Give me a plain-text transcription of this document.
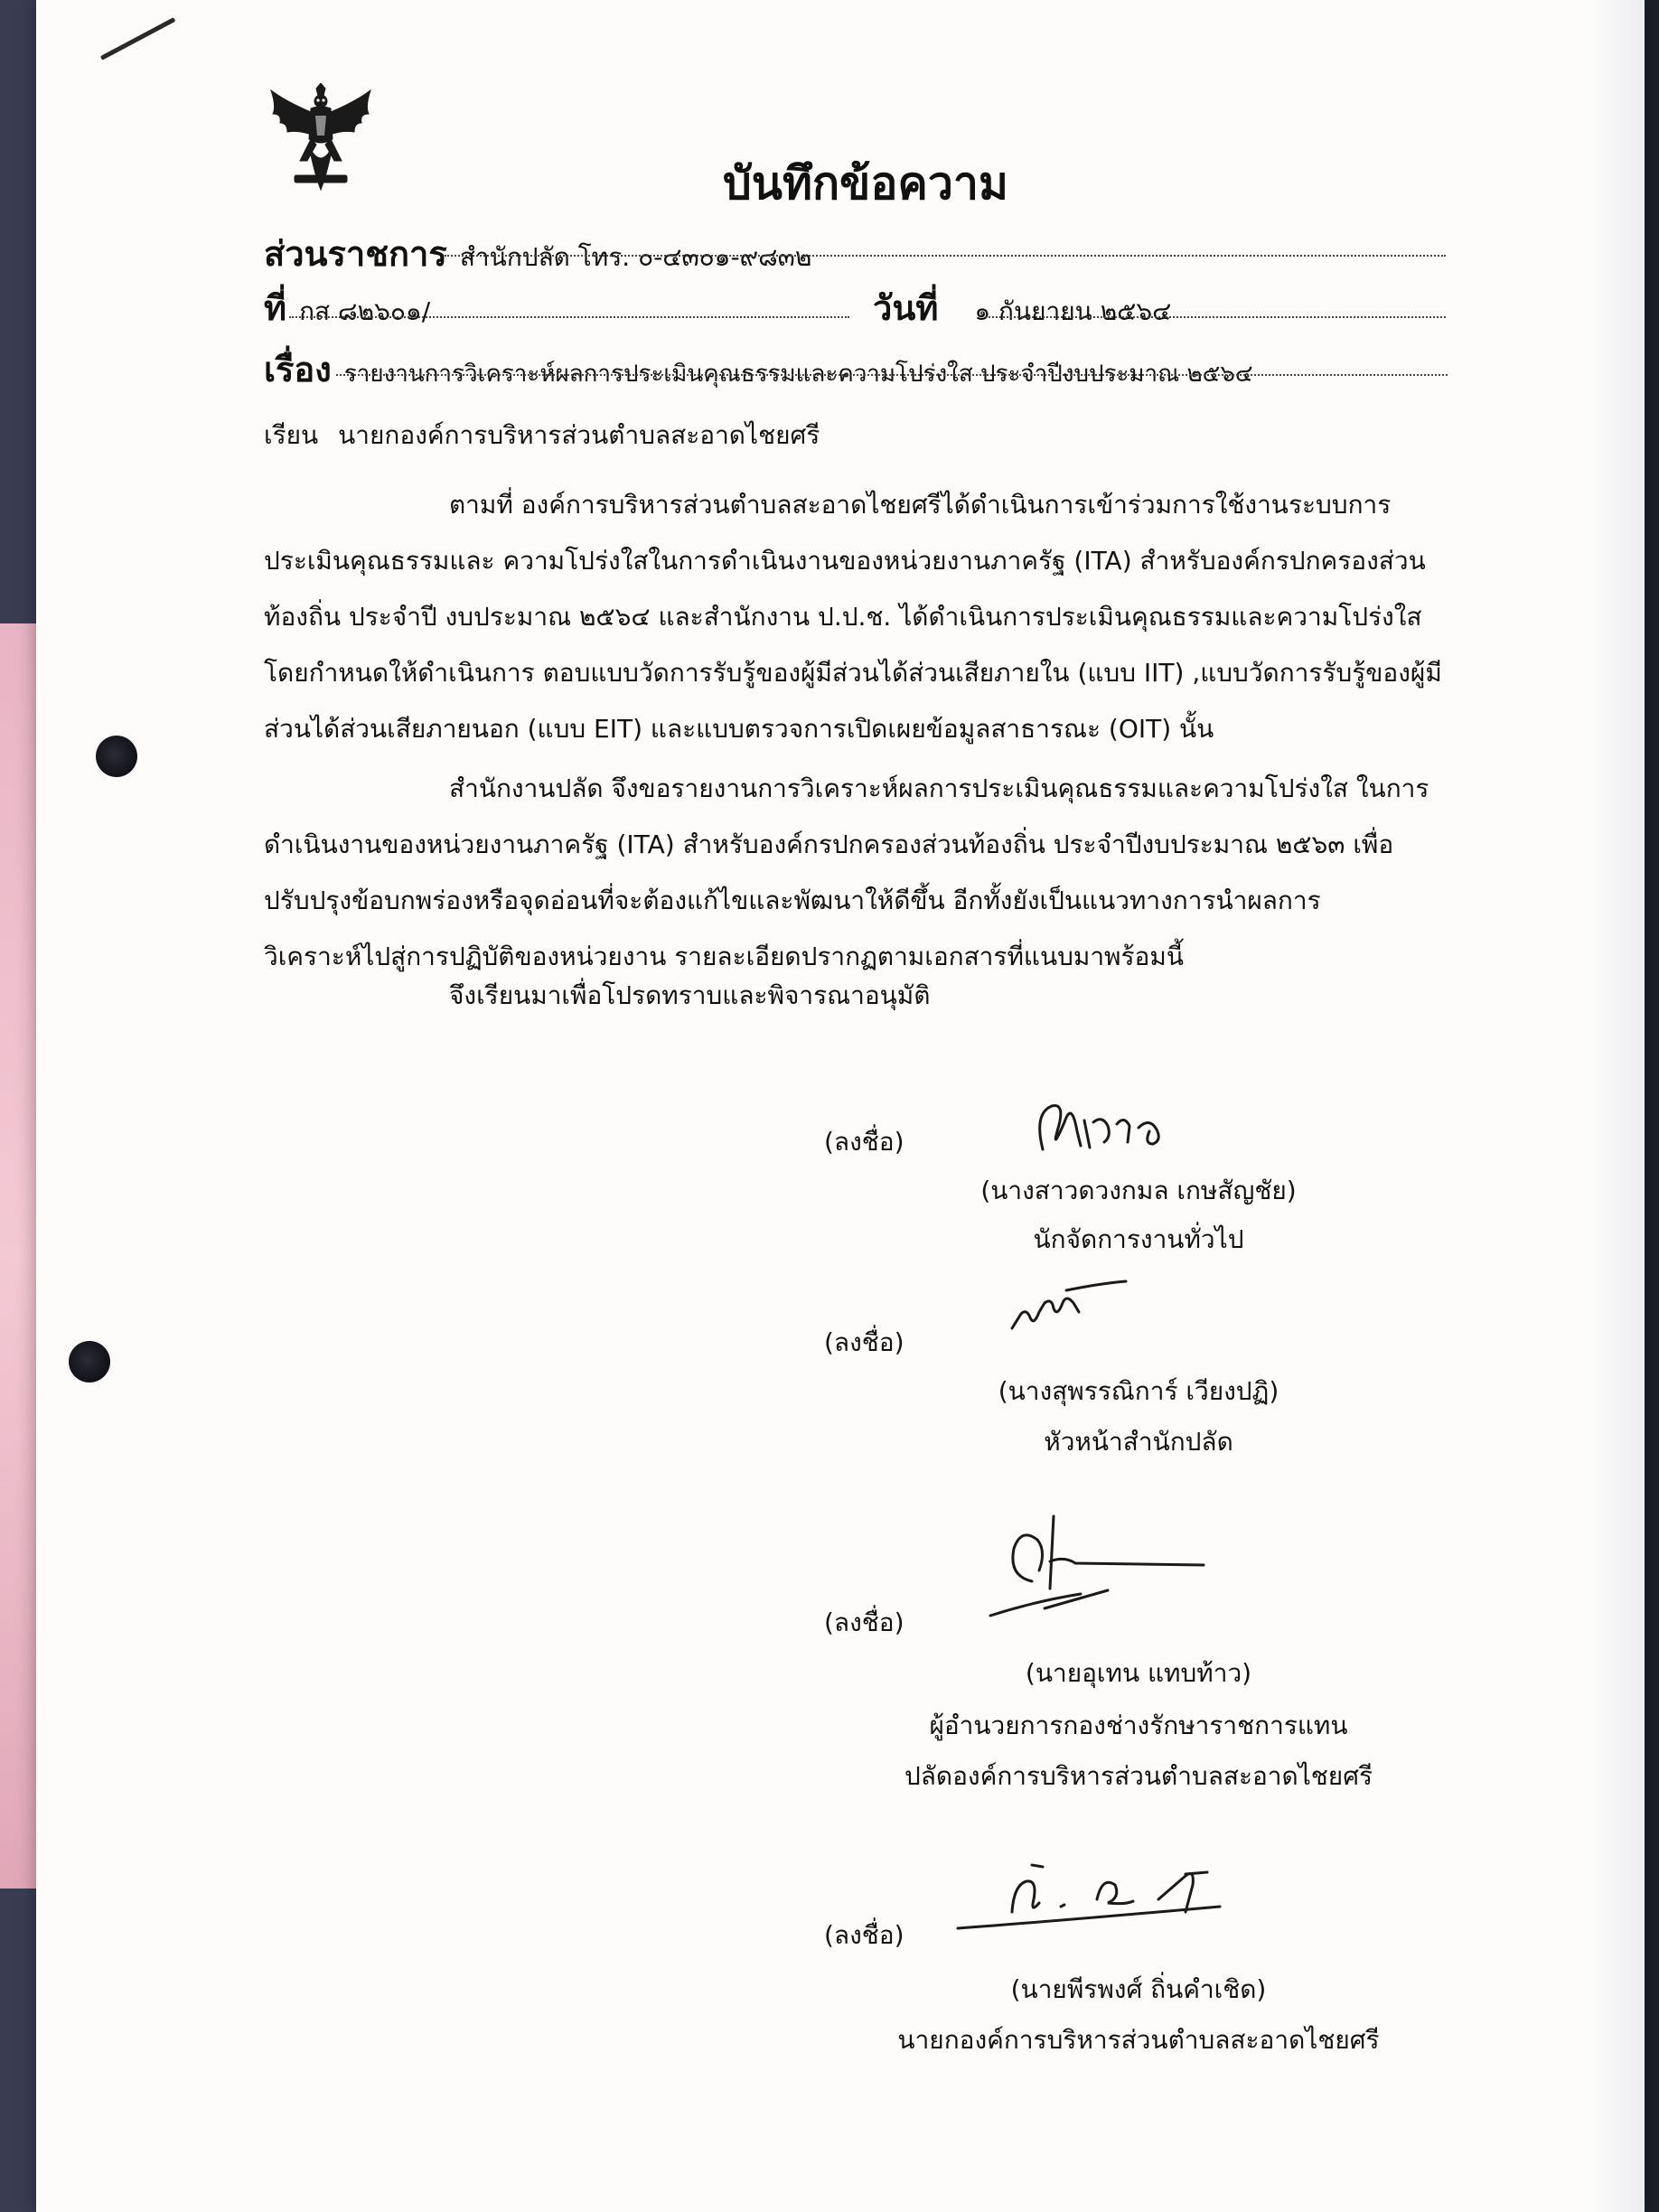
บันทึกข้อความ
ส่วนราชการ สำนักปลัด โทร. ๐-๔๓๐๑-๙๘๓๒
ที่ กส ๘๒๖๐๑/	วันที่ ๑ กันยายน ๒๕๖๔
เรื่อง รายงานการวิเคราะห์ผลการประเมินคุณธรรมและความโปร่งใส ประจำปีงบประมาณ ๒๕๖๔
เรียน นายกองค์การบริหารส่วนตำบลสะอาดไชยศรี
ตามที่ องค์การบริหารส่วนตำบลสะอาดไชยศรีได้ดำเนินการเข้าร่วมการใช้งานระบบการ
ประเมินคุณธรรมและ ความโปร่งใสในการดำเนินงานของหน่วยงานภาครัฐ (ITA) สำหรับองค์กรปกครองส่วน
ท้องถิ่น ประจำปี งบประมาณ ๒๕๖๔ และสำนักงาน ป.ป.ช. ได้ดำเนินการประเมินคุณธรรมและความโปร่งใส
โดยกำหนดให้ดำเนินการ ตอบแบบวัดการรับรู้ของผู้มีส่วนได้ส่วนเสียภายใน (แบบ IIT) ,แบบวัดการรับรู้ของผู้มี
ส่วนได้ส่วนเสียภายนอก (แบบ EIT) และแบบตรวจการเปิดเผยข้อมูลสาธารณะ (OIT) นั้น
สำนักงานปลัด จึงขอรายงานการวิเคราะห์ผลการประเมินคุณธรรมและความโปร่งใส ในการ
ดำเนินงานของหน่วยงานภาครัฐ (ITA) สำหรับองค์กรปกครองส่วนท้องถิ่น ประจำปีงบประมาณ ๒๕๖๓ เพื่อ
ปรับปรุงข้อบกพร่องหรือจุดอ่อนที่จะต้องแก้ไขและพัฒนาให้ดีขึ้น อีกทั้งยังเป็นแนวทางการนำผลการ
วิเคราะห์ไปสู่การปฏิบัติของหน่วยงาน รายละเอียดปรากฏตามเอกสารที่แนบมาพร้อมนี้
จึงเรียนมาเพื่อโปรดทราบและพิจารณาอนุมัติ
(ลงชื่อ)
(นางสาวดวงกมล เกษสัญชัย)
นักจัดการงานทั่วไป
(ลงชื่อ)
(นางสุพรรณิการ์ เวียงปฏิ)
หัวหน้าสำนักปลัด
(ลงชื่อ)
(นายอุเทน แทบท้าว)
ผู้อำนวยการกองช่างรักษาราชการแทน
ปลัดองค์การบริหารส่วนตำบลสะอาดไชยศรี
(ลงชื่อ)
(นายพีรพงศ์ ถิ่นคำเชิด)
นายกองค์การบริหารส่วนตำบลสะอาดไชยศรี
